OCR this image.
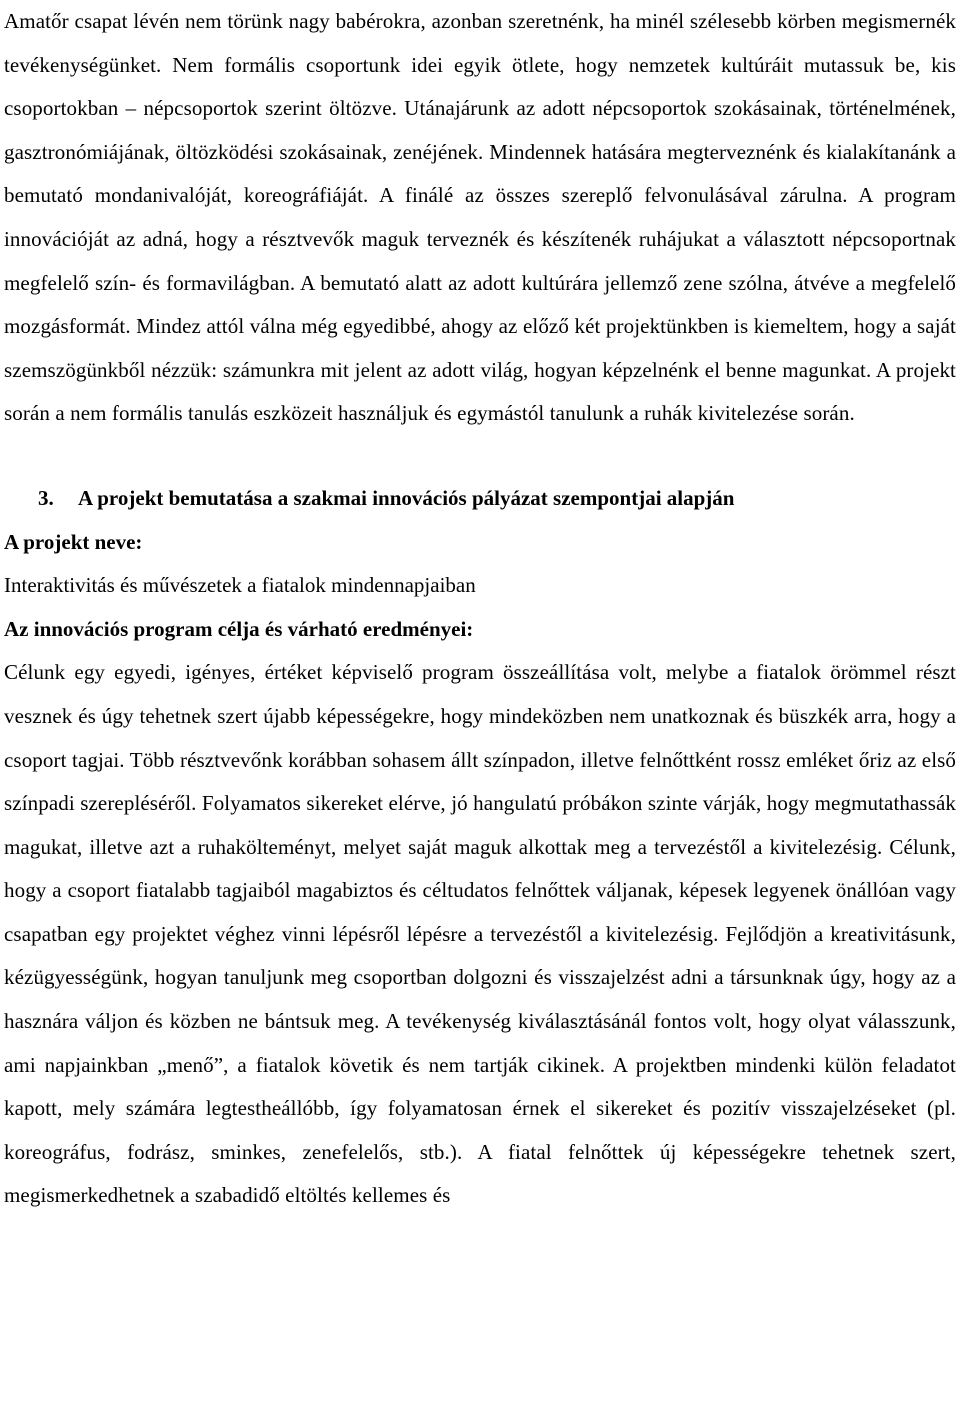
Amatőr csapat lévén nem törünk nagy babérokra, azonban szeretnénk, ha minél szélesebb körben megismernék tevékenységünket. Nem formális csoportunk idei egyik ötlete, hogy nemzetek kultúráit mutassuk be, kis csoportokban – népcsoportok szerint öltözve. Utánajárunk az adott népcsoportok szokásainak, történelmének, gasztronómiájának, öltözködési szokásainak, zenéjének. Mindennek hatására megterveznénk és kialakítanánk a bemutató mondanivalóját, koreográfiáját. A finálé az összes szereplő felvonulásával zárulna. A program innovációját az adná, hogy a résztvevők maguk terveznék és készítenék ruhájukat a választott népcsoportnak megfelelő szín- és formavilágban. A bemutató alatt az adott kultúrára jellemző zene szólna, átvéve a megfelelő mozgásformát. Mindez attól válna még egyedibbé, ahogy az előző két projektünkben is kiemeltem, hogy a saját szemszögünkből nézzük: számunkra mit jelent az adott világ, hogyan képzelnénk el benne magunkat. A projekt során a nem formális tanulás eszközeit használjuk és egymástól tanulunk a ruhák kivitelezése során.

3. A projekt bemutatása a szakmai innovációs pályázat szempontjai alapján

A projekt neve:

Interaktivitás és művészetek a fiatalok mindennapjaiban

Az innovációs program célja és várható eredményei:

Célunk egy egyedi, igényes, értéket képviselő program összeállítása volt, melybe a fiatalok örömmel részt vesznek és úgy tehetnek szert újabb képességekre, hogy mindeközben nem unatkoznak és büszkék arra, hogy a csoport tagjai. Több résztvevőnk korábban sohasem állt színpadon, illetve felnőttként rossz emléket őriz az első színpadi szerepléséről. Folyamatos sikereket elérve, jó hangulatú próbákon szinte várják, hogy megmutathassák magukat, illetve azt a ruhakölteményt, melyet saját maguk alkottak meg a tervezéstől a kivitelezésig. Célunk, hogy a csoport fiatalabb tagjaiból magabiztos és céltudatos felnőttek váljanak, képesek legyenek önállóan vagy csapatban egy projektet véghez vinni lépésről lépésre a tervezéstől a kivitelezésig. Fejlődjön a kreativitásunk, kézügyességünk, hogyan tanuljunk meg csoportban dolgozni és visszajelzést adni a társunknak úgy, hogy az a hasznára váljon és közben ne bántsuk meg. A tevékenység kiválasztásánál fontos volt, hogy olyat válasszunk, ami napjainkban „menő”, a fiatalok követik és nem tartják cikinek. A projektben mindenki külön feladatot kapott, mely számára legtestheállóbb, így folyamatosan érnek el sikereket és pozitív visszajelzéseket (pl. koreográfus, fodrász, sminkes, zenefelelős, stb.). A fiatal felnőttek új képességekre tehetnek szert, megismerkedhetnek a szabadidő eltöltés kellemes és
